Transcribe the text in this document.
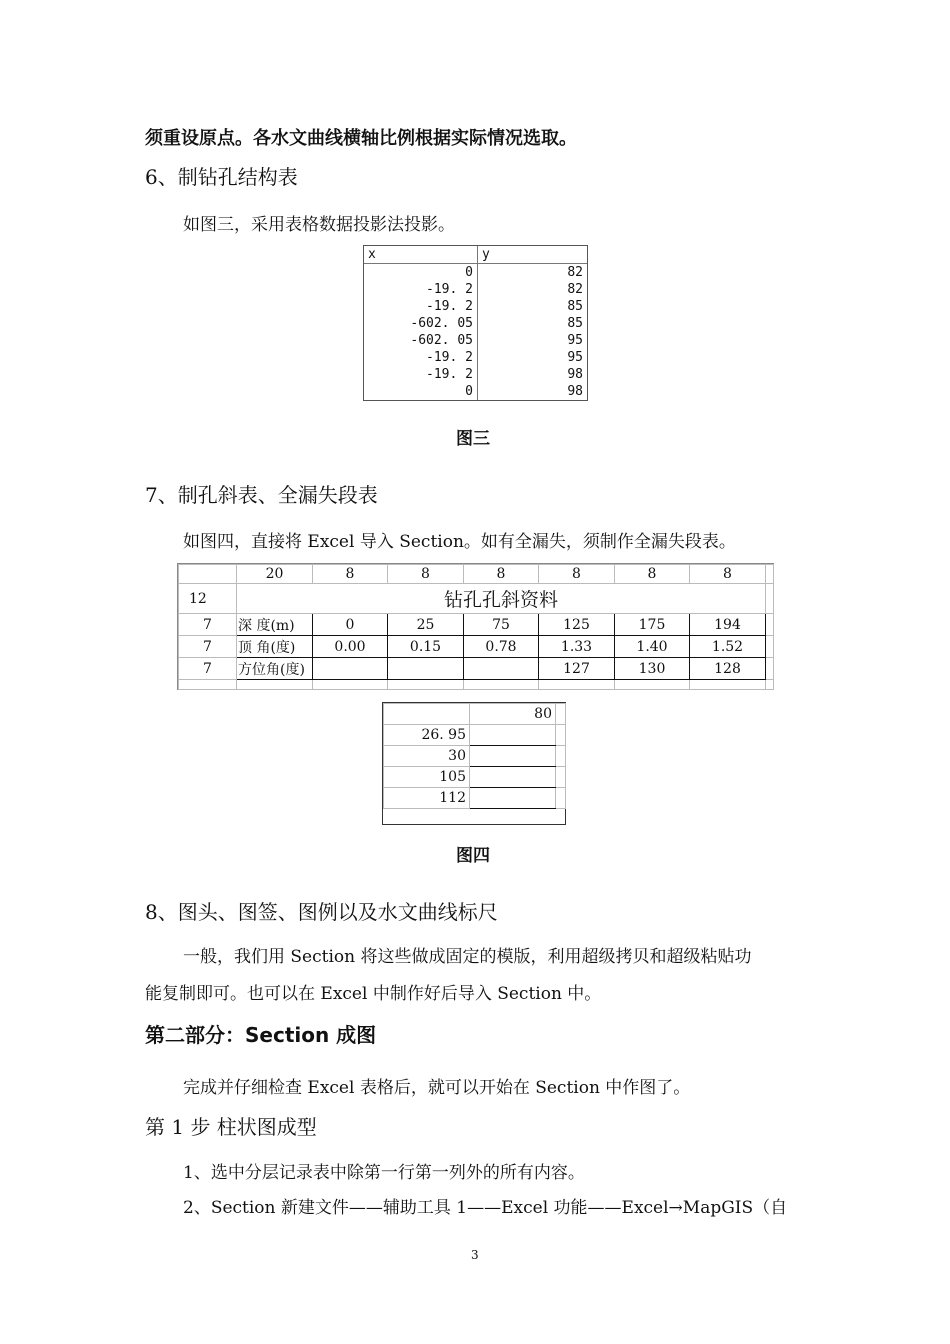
须重设原点。各水文曲线横轴比例根据实际情况选取。
6、制钻孔结构表
如图三，采用表格数据投影法投影。
x	y
0	82
-19. 2	82
-19. 2	85
-602. 05	85
-602. 05	95
-19. 2	95
-19. 2	98
0	98
图三
7、制孔斜表、全漏失段表
如图四，直接将 Excel 导入 Section。如有全漏失，须制作全漏失段表。
	20	8	8	8	8	8	8	
12		钻孔孔斜资料						
7	深 度(m)	0	25	75	125	175	194	
7	顶 角(度)	0.00	0.15	0.78	1.33	1.40	1.52	
7	方位角(度)				127	130	128	

	80	
26. 95		
30		
105		
112		
图四
8、图头、图签、图例以及水文曲线标尺
一般，我们用 Section 将这些做成固定的模版，利用超级拷贝和超级粘贴功
能复制即可。也可以在 Excel 中制作好后导入 Section 中。
第二部分：Section 成图
完成并仔细检查 Excel 表格后，就可以开始在 Section 中作图了。
第 1 步 柱状图成型
1、选中分层记录表中除第一行第一列外的所有内容。
2、Section 新建文件——辅助工具 1——Excel 功能——Excel→MapGIS（自
3
